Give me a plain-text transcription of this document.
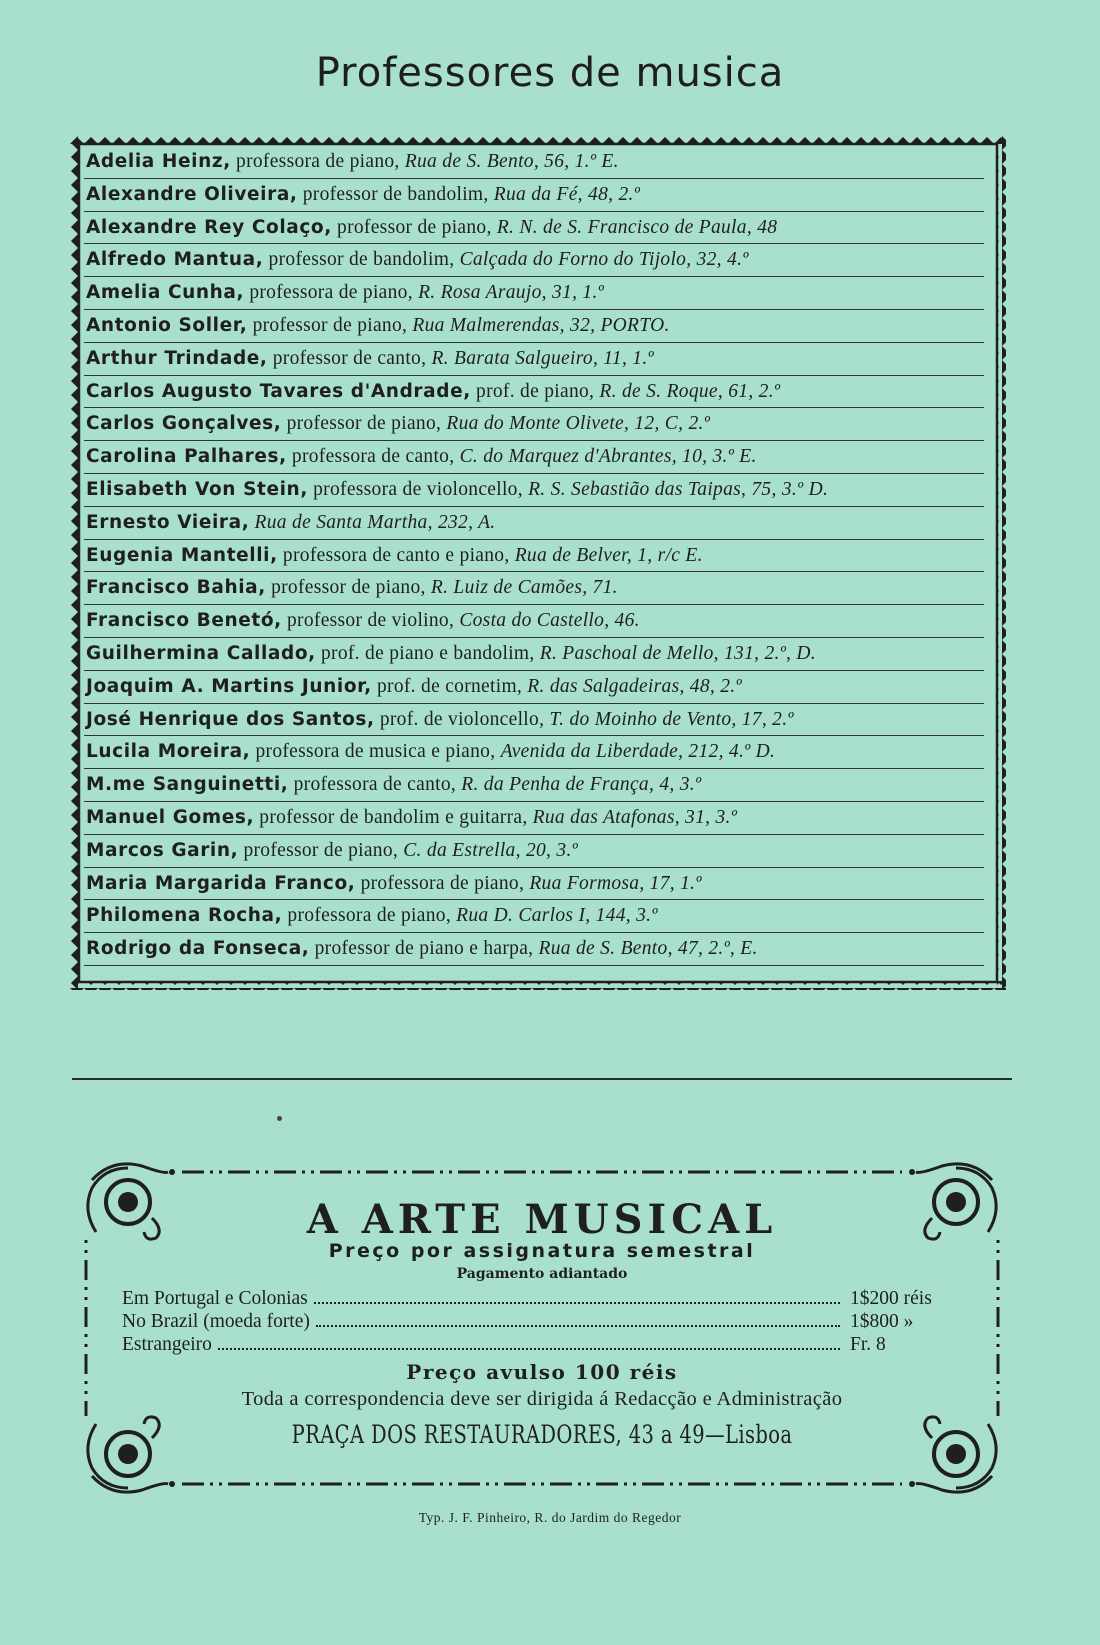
Professores de musica
Adelia Heinz, professora de piano, Rua de S. Bento, 56, 1.º E.
Alexandre Oliveira, professor de bandolim, Rua da Fé, 48, 2.º
Alexandre Rey Colaço, professor de piano, R. N. de S. Francisco de Paula, 48
Alfredo Mantua, professor de bandolim, Calçada do Forno do Tijolo, 32, 4.º
Amelia Cunha, professora de piano, R. Rosa Araujo, 31, 1.º
Antonio Soller, professor de piano, Rua Malmerendas, 32, PORTO.
Arthur Trindade, professor de canto, R. Barata Salgueiro, 11, 1.º
Carlos Augusto Tavares d'Andrade, prof. de piano, R. de S. Roque, 61, 2.º
Carlos Gonçalves, professor de piano, Rua do Monte Olivete, 12, C, 2.º
Carolina Palhares, professora de canto, C. do Marquez d'Abrantes, 10, 3.º E.
Elisabeth Von Stein, professora de violoncello, R. S. Sebastião das Taipas, 75, 3.º D.
Ernesto Vieira, Rua de Santa Martha, 232, A.
Eugenia Mantelli, professora de canto e piano, Rua de Belver, 1, r/c E.
Francisco Bahia, professor de piano, R. Luiz de Camões, 71.
Francisco Benetó, professor de violino, Costa do Castello, 46.
Guilhermina Callado, prof. de piano e bandolim, R. Paschoal de Mello, 131, 2.º, D.
Joaquim A. Martins Junior, prof. de cornetim, R. das Salgadeiras, 48, 2.º
José Henrique dos Santos, prof. de violoncello, T. do Moinho de Vento, 17, 2.º
Lucila Moreira, professora de musica e piano, Avenida da Liberdade, 212, 4.º D.
M.me Sanguinetti, professora de canto, R. da Penha de França, 4, 3.º
Manuel Gomes, professor de bandolim e guitarra, Rua das Atafonas, 31, 3.º
Marcos Garin, professor de piano, C. da Estrella, 20, 3.º
Maria Margarida Franco, professora de piano, Rua Formosa, 17, 1.º
Philomena Rocha, professora de piano, Rua D. Carlos I, 144, 3.º
Rodrigo da Fonseca, professor de piano e harpa, Rua de S. Bento, 47, 2.º, E.
A ARTE MUSICAL
Preço por assignatura semestral
Pagamento adiantado
Em Portugal e Colonias	1$200 réis
No Brazil (moeda forte)	1$800 »
Estrangeiro	Fr. 8
Preço avulso 100 réis
Toda a correspondencia deve ser dirigida á Redacção e Administração
PRAÇA DOS RESTAURADORES, 43 a 49—Lisboa
Typ. J. F. Pinheiro, R. do Jardim do Regedor
